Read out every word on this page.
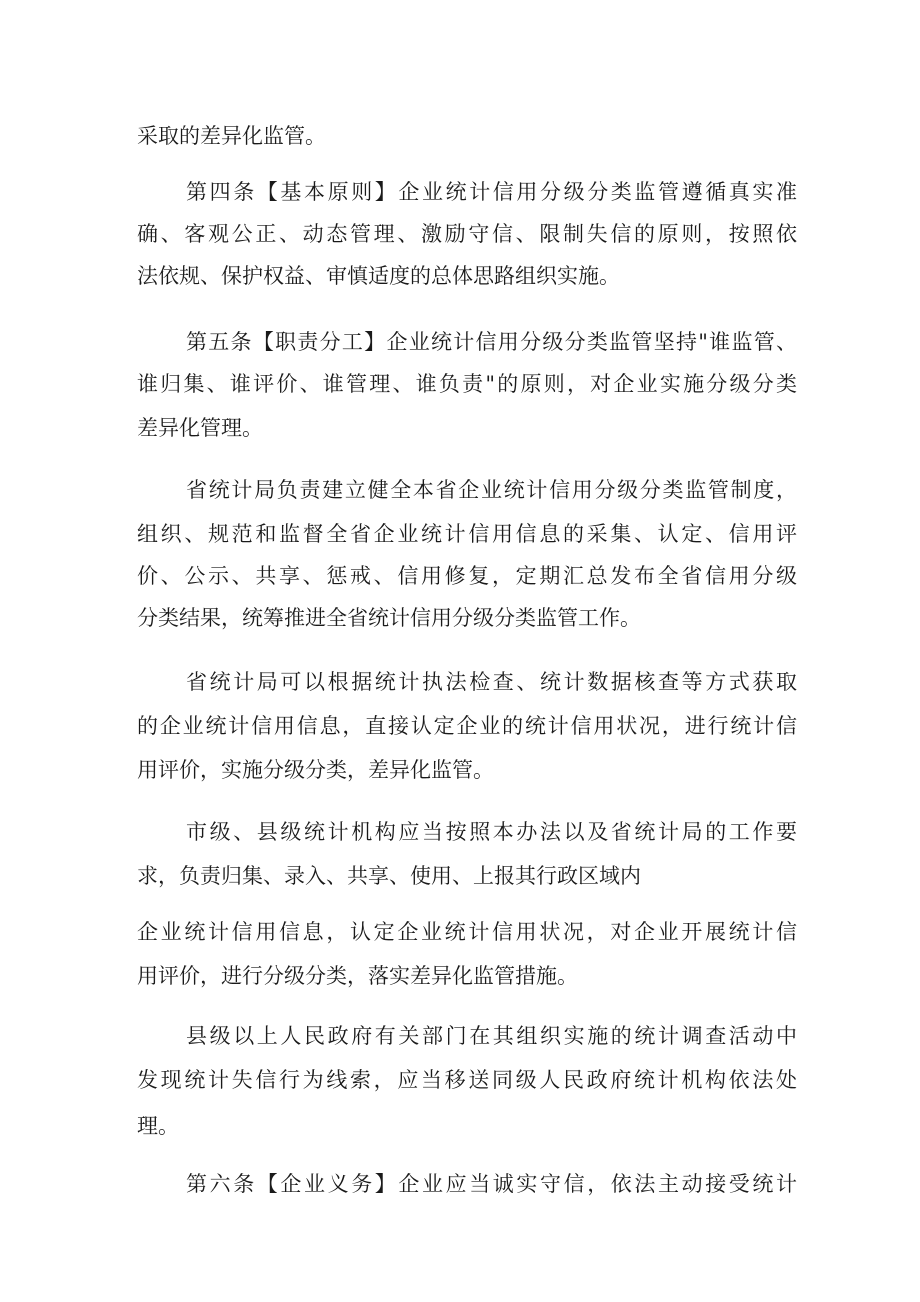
采取的差异化监管。
第四条【基本原则】企业统计信用分级分类监管遵循真实准
确、客观公正、动态管理、激励守信、限制失信的原则，按照依
法依规、保护权益、审慎适度的总体思路组织实施。
第五条【职责分工】企业统计信用分级分类监管坚持"谁监管、
谁归集、谁评价、谁管理、谁负责"的原则，对企业实施分级分类
差异化管理。
省统计局负责建立健全本省企业统计信用分级分类监管制度，
组织、规范和监督全省企业统计信用信息的采集、认定、信用评
价、公示、共享、惩戒、信用修复，定期汇总发布全省信用分级
分类结果，统筹推进全省统计信用分级分类监管工作。
省统计局可以根据统计执法检查、统计数据核查等方式获取
的企业统计信用信息，直接认定企业的统计信用状况，进行统计信
用评价，实施分级分类，差异化监管。
市级、县级统计机构应当按照本办法以及省统计局的工作要
求，负责归集、录入、共享、使用、上报其行政区域内
企业统计信用信息，认定企业统计信用状况，对企业开展统计信
用评价，进行分级分类，落实差异化监管措施。
县级以上人民政府有关部门在其组织实施的统计调查活动中
发现统计失信行为线索，应当移送同级人民政府统计机构依法处
理。
第六条【企业义务】企业应当诚实守信，依法主动接受统计
